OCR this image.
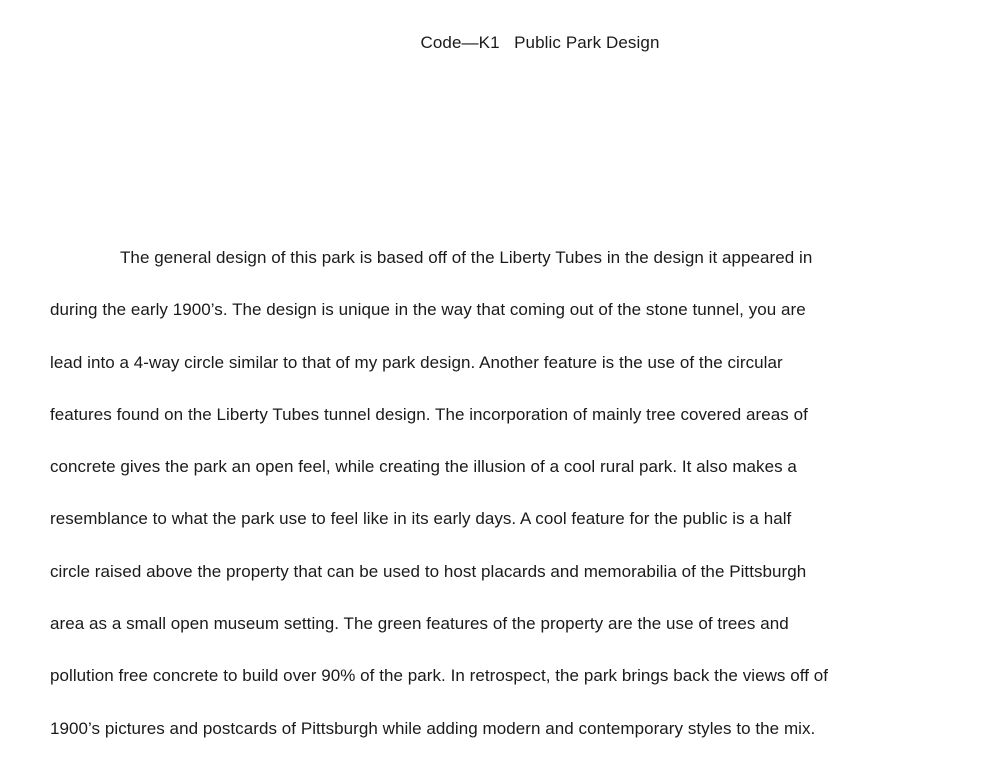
Code—K1   Public Park Design
The general design of this park is based off of the Liberty Tubes in the design it appeared in
during the early 1900’s. The design is unique in the way that coming out of the stone tunnel, you are
lead into a 4-way circle similar to that of my park design. Another feature is the use of the circular
features found on the Liberty Tubes tunnel design. The incorporation of mainly tree covered areas of
concrete gives the park an open feel, while creating the illusion of a cool rural park. It also makes a
resemblance to what the park use to feel like in its early days. A cool feature for the public is a half
circle raised above the property that can be used to host placards and memorabilia of the Pittsburgh
area as a small open museum setting. The green features of the property are the use of trees and
pollution free concrete to build over 90% of the park. In retrospect, the park brings back the views off of
1900’s pictures and postcards of Pittsburgh while adding modern and contemporary styles to the mix.
